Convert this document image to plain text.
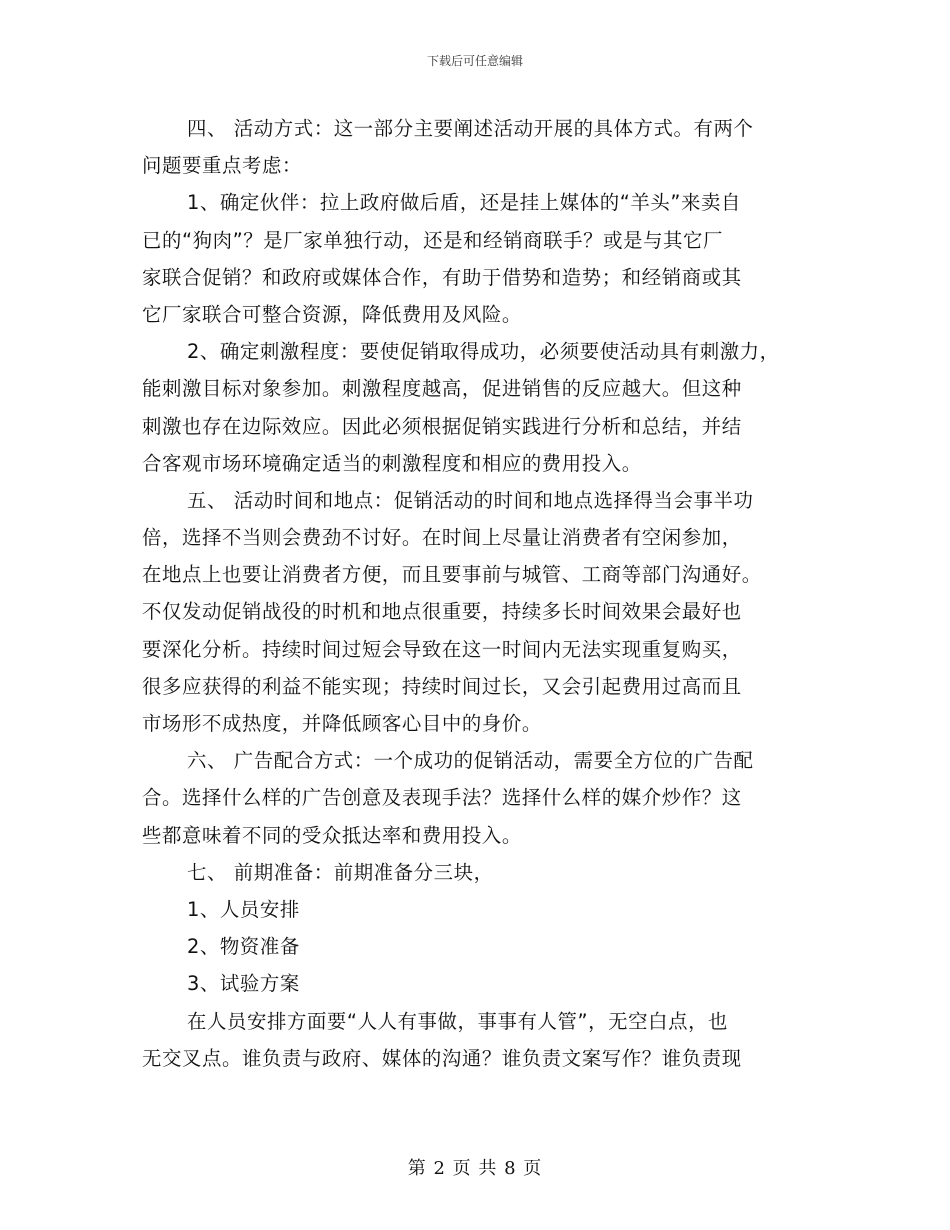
下载后可任意编辑
四、 活动方式：这一部分主要阐述活动开展的具体方式。有两个
问题要重点考虑：
1、确定伙伴：拉上政府做后盾，还是挂上媒体的“羊头”来卖自
已的“狗肉”？是厂家单独行动，还是和经销商联手？或是与其它厂
家联合促销？和政府或媒体合作，有助于借势和造势；和经销商或其
它厂家联合可整合资源，降低费用及风险。
2、确定刺激程度：要使促销取得成功，必须要使活动具有刺激力，
能刺激目标对象参加。刺激程度越高，促进销售的反应越大。但这种
刺激也存在边际效应。因此必须根据促销实践进行分析和总结，并结
合客观市场环境确定适当的刺激程度和相应的费用投入。
五、 活动时间和地点：促销活动的时间和地点选择得当会事半功
倍，选择不当则会费劲不讨好。在时间上尽量让消费者有空闲参加，
在地点上也要让消费者方便，而且要事前与城管、工商等部门沟通好。
不仅发动促销战役的时机和地点很重要，持续多长时间效果会最好也
要深化分析。持续时间过短会导致在这一时间内无法实现重复购买，
很多应获得的利益不能实现；持续时间过长，又会引起费用过高而且
市场形不成热度，并降低顾客心目中的身价。
六、 广告配合方式：一个成功的促销活动，需要全方位的广告配
合。选择什么样的广告创意及表现手法？选择什么样的媒介炒作？这
些都意味着不同的受众抵达率和费用投入。
七、 前期准备：前期准备分三块，
1、人员安排
2、物资准备
3、试验方案
在人员安排方面要“人人有事做，事事有人管”，无空白点，也
无交叉点。谁负责与政府、媒体的沟通？谁负责文案写作？谁负责现
第 2 页 共 8 页
